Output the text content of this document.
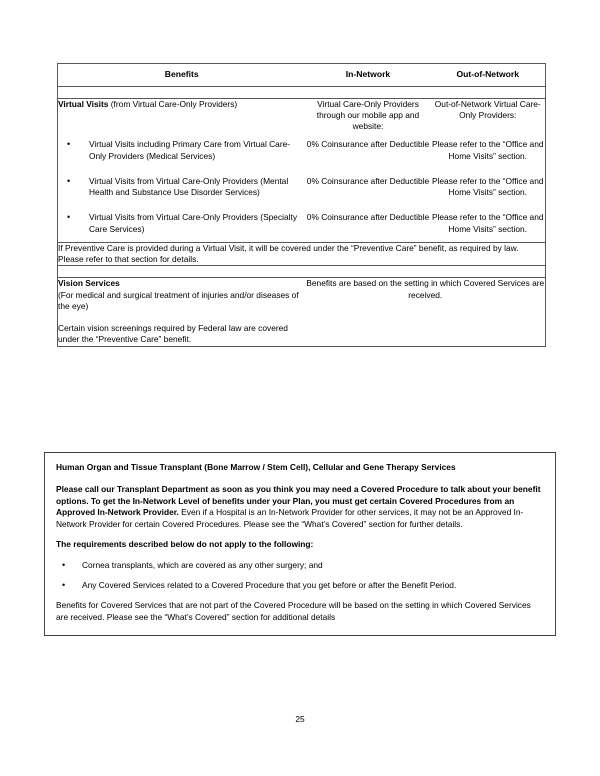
Benefits	In-Network	Out-of-Network

Virtual Visits (from Virtual Care-Only Providers)	Virtual Care-Only Providers through our mobile app and website:	Out-of-Network Virtual Care-Only Providers:

• Virtual Visits including Primary Care from Virtual Care-Only Providers (Medical Services)	0% Coinsurance after Deductible	Please refer to the “Office and Home Visits” section.

• Virtual Visits from Virtual Care-Only Providers (Mental Health and Substance Use Disorder Services)	0% Coinsurance after Deductible	Please refer to the “Office and Home Visits” section.

• Virtual Visits from Virtual Care-Only Providers (Specialty Care Services)	0% Coinsurance after Deductible	Please refer to the “Office and Home Visits” section.
If Preventive Care is provided during a Virtual Visit, it will be covered under the “Preventive Care” benefit, as required by law. Please refer to that section for details.		

Vision Services
(For medical and surgical treatment of injuries and/or diseases of the eye)
Certain vision screenings required by Federal law are covered under the “Preventive Care” benefit.	Benefits are based on the setting in which Covered Services are received.	

Human Organ and Tissue Transplant (Bone Marrow / Stem Cell), Cellular and Gene Therapy Services

Please call our Transplant Department as soon as you think you may need a Covered Procedure to talk about your benefit options. To get the In-Network Level of benefits under your Plan, you must get certain Covered Procedures from an Approved In-Network Provider. Even if a Hospital is an In-Network Provider for other services, it may not be an Approved In-Network Provider for certain Covered Procedures. Please see the “What’s Covered” section for further details.

The requirements described below do not apply to the following:

• Cornea transplants, which are covered as any other surgery; and

• Any Covered Services related to a Covered Procedure that you get before or after the Benefit Period.

Benefits for Covered Services that are not part of the Covered Procedure will be based on the setting in which Covered Services are received. Please see the “What’s Covered” section for additional details

25
